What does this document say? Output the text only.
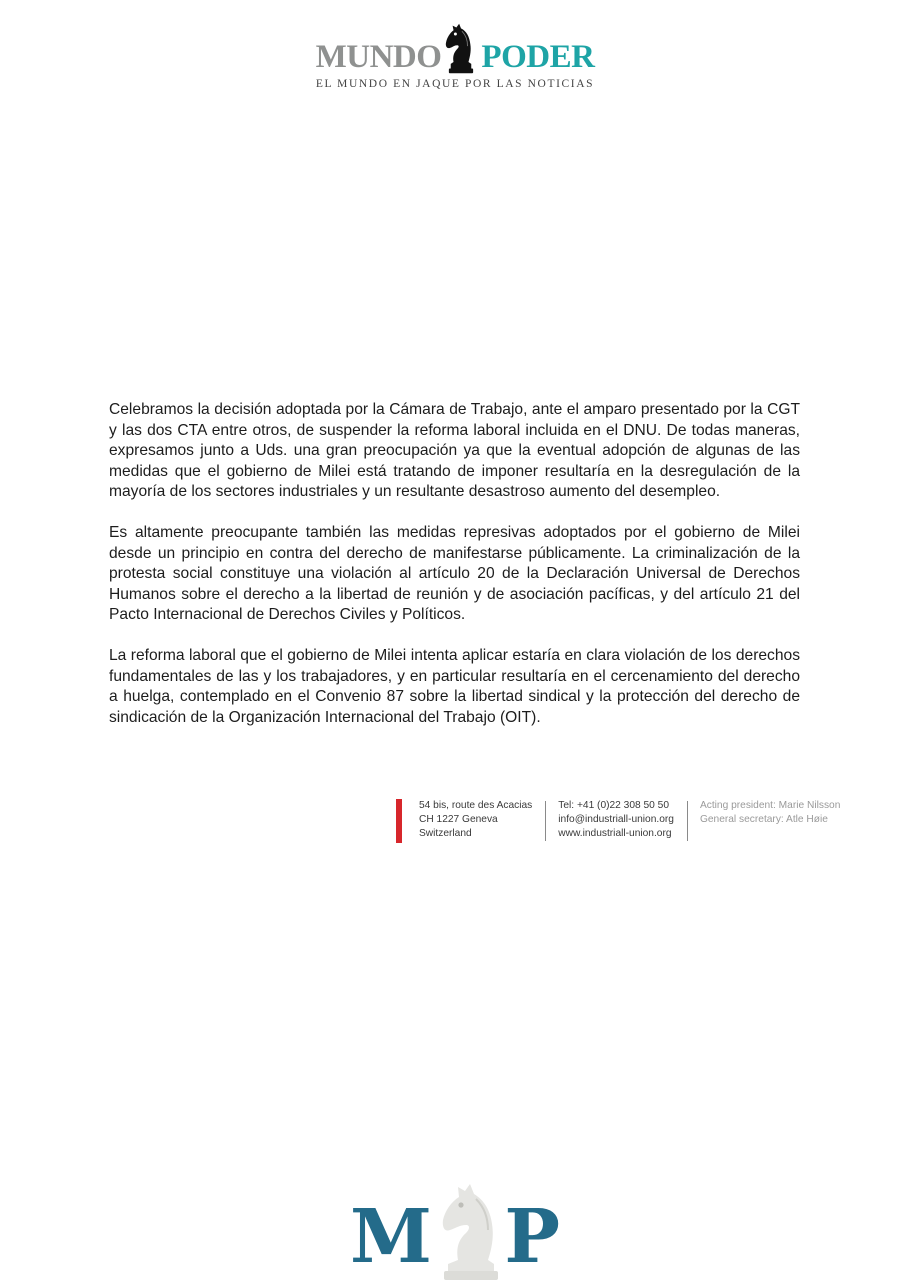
MUNDO PODER
EL MUNDO EN JAQUE POR LAS NOTICIAS

Celebramos la decisión adoptada por la Cámara de Trabajo, ante el amparo presentado por la CGT y las dos CTA entre otros, de suspender la reforma laboral incluida en el DNU. De todas maneras, expresamos junto a Uds. una gran preocupación ya que la eventual adopción de algunas de las medidas que el gobierno de Milei está tratando de imponer resultaría en la desregulación de la mayoría de los sectores industriales y un resultante desastroso aumento del desempleo.

Es altamente preocupante también las medidas represivas adoptados por el gobierno de Milei desde un principio en contra del derecho de manifestarse públicamente. La criminalización de la protesta social constituye una violación al artículo 20 de la Declaración Universal de Derechos Humanos sobre el derecho a la libertad de reunión y de asociación pacíficas, y del artículo 21 del Pacto Internacional de Derechos Civiles y Políticos.

La reforma laboral que el gobierno de Milei intenta aplicar estaría en clara violación de los derechos fundamentales de las y los trabajadores, y en particular resultaría en el cercenamiento del derecho a huelga, contemplado en el Convenio 87 sobre la libertad sindical y la protección del derecho de sindicación de la Organización Internacional del Trabajo (OIT).

54 bis, route des Acacias
CH 1227 Geneva
Switzerland
Tel: +41 (0)22 308 50 50
info@industriall-union.org
www.industriall-union.org
Acting president: Marie Nilsson
General secretary: Atle Høie
M P
